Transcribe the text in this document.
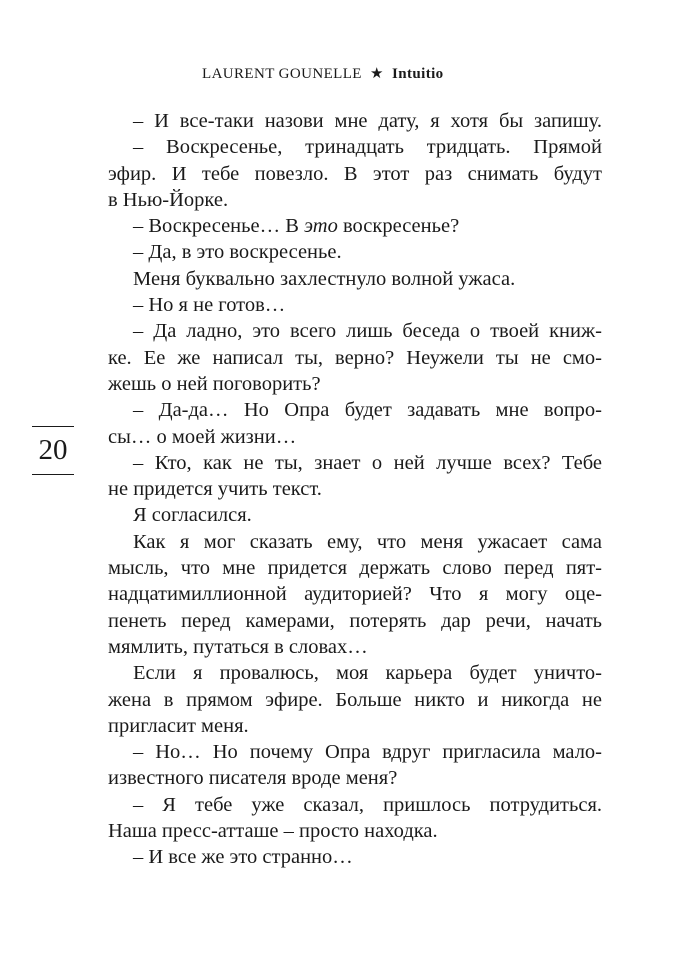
LAURENT GOUNELLE ★ Intuitio
20
– И все-таки назови мне дату, я хотя бы запишу.
– Воскресенье, тринадцать тридцать. Прямой
эфир. И тебе повезло. В этот раз снимать будут
в Нью-Йорке.
– Воскресенье… В это воскресенье?
– Да, в это воскресенье.
Меня буквально захлестнуло волной ужаса.
– Но я не готов…
– Да ладно, это всего лишь беседа о твоей книж-
ке. Ее же написал ты, верно? Неужели ты не смо-
жешь о ней поговорить?
– Да-да… Но Опра будет задавать мне вопро-
сы… о моей жизни…
– Кто, как не ты, знает о ней лучше всех? Тебе
не придется учить текст.
Я согласился.
Как я мог сказать ему, что меня ужасает сама
мысль, что мне придется держать слово перед пят-
надцатимиллионной аудиторией? Что я могу оце-
пенеть перед камерами, потерять дар речи, начать
мямлить, путаться в словах…
Если я провалюсь, моя карьера будет уничто-
жена в прямом эфире. Больше никто и никогда не
пригласит меня.
– Но… Но почему Опра вдруг пригласила мало-
известного писателя вроде меня?
– Я тебе уже сказал, пришлось потрудиться.
Наша пресс-атташе – просто находка.
– И все же это странно…
